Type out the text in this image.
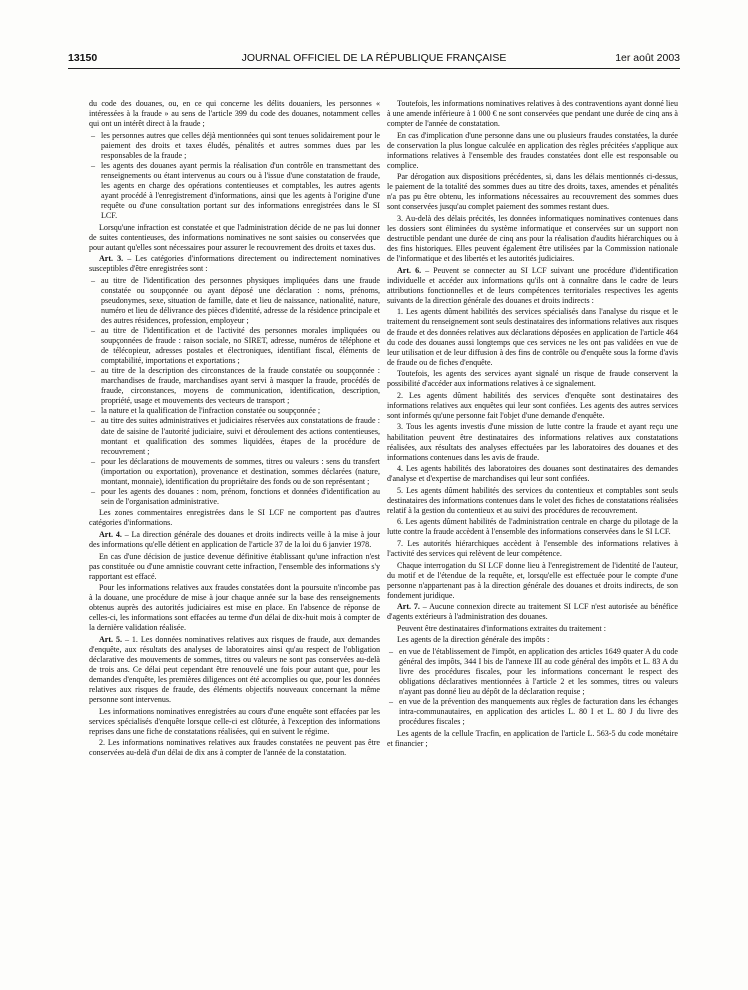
13150	JOURNAL OFFICIEL DE LA RÉPUBLIQUE FRANÇAISE	1er août 2003

du code des douanes, ou, en ce qui concerne les délits douaniers, les personnes « intéressées à la fraude » au sens de l'article 399 du code des douanes, notamment celles qui ont un intérêt direct à la fraude ;

– les personnes autres que celles déjà mentionnées qui sont tenues solidairement pour le paiement des droits et taxes éludés, pénalités et autres sommes dues par les responsables de la fraude ;
– les agents des douanes ayant permis la réalisation d'un contrôle en transmettant des renseignements ou étant intervenus au cours ou à l'issue d'une constatation de fraude, les agents en charge des opérations contentieuses et comptables, les autres agents ayant procédé à l'enregistrement d'informations, ainsi que les agents à l'origine d'une requête ou d'une consultation portant sur des informations enregistrées dans le SI LCF.

Lorsqu'une infraction est constatée et que l'administration décide de ne pas lui donner de suites contentieuses, des informations nominatives ne sont saisies ou conservées que pour autant qu'elles sont nécessaires pour assurer le recouvrement des droits et taxes dus.

Art. 3. – Les catégories d'informations directement ou indirectement nominatives susceptibles d'être enregistrées sont :

– au titre de l'identification des personnes physiques impliquées dans une fraude constatée ou soupçonnée ou ayant déposé une déclaration : noms, prénoms, pseudonymes, sexe, situation de famille, date et lieu de naissance, nationalité, nature, numéro et lieu de délivrance des pièces d'identité, adresse de la résidence principale et des autres résidences, profession, employeur ;
– au titre de l'identification et de l'activité des personnes morales impliquées ou soupçonnées de fraude : raison sociale, no SIRET, adresse, numéros de téléphone et de télécopieur, adresses postales et électroniques, identifiant fiscal, éléments de comptabilité, importations et exportations ;
– au titre de la description des circonstances de la fraude constatée ou soupçonnée : marchandises de fraude, marchandises ayant servi à masquer la fraude, procédés de fraude, circonstances, moyens de communication, identification, description, propriété, usage et mouvements des vecteurs de transport ;
– la nature et la qualification de l'infraction constatée ou soupçonnée ;
– au titre des suites administratives et judiciaires réservées aux constatations de fraude : date de saisine de l'autorité judiciaire, suivi et déroulement des actions contentieuses, montant et qualification des sommes liquidées, étapes de la procédure de recouvrement ;
– pour les déclarations de mouvements de sommes, titres ou valeurs : sens du transfert (importation ou exportation), provenance et destination, sommes déclarées (nature, montant, monnaie), identification du propriétaire des fonds ou de son représentant ;
– pour les agents des douanes : nom, prénom, fonctions et données d'identification au sein de l'organisation administrative.

Les zones commentaires enregistrées dans le SI LCF ne comportent pas d'autres catégories d'informations.

Art. 4. – La direction générale des douanes et droits indirects veille à la mise à jour des informations qu'elle détient en application de l'article 37 de la loi du 6 janvier 1978.

En cas d'une décision de justice devenue définitive établissant qu'une infraction n'est pas constituée ou d'une amnistie couvrant cette infraction, l'ensemble des informations s'y rapportant est effacé.

Pour les informations relatives aux fraudes constatées dont la poursuite n'incombe pas à la douane, une procédure de mise à jour chaque année sur la base des renseignements obtenus auprès des autorités judiciaires est mise en place. En l'absence de réponse de celles-ci, les informations sont effacées au terme d'un délai de dix-huit mois à compter de la dernière validation réalisée.

Art. 5. – 1. Les données nominatives relatives aux risques de fraude, aux demandes d'enquête, aux résultats des analyses de laboratoires ainsi qu'au respect de l'obligation déclarative des mouvements de sommes, titres ou valeurs ne sont pas conservées au-delà de trois ans. Ce délai peut cependant être renouvelé une fois pour autant que, pour les demandes d'enquête, les premières diligences ont été accomplies ou que, pour les données relatives aux risques de fraude, des éléments objectifs nouveaux concernant la même personne sont intervenus.

Les informations nominatives enregistrées au cours d'une enquête sont effacées par les services spécialisés d'enquête lorsque celle-ci est clôturée, à l'exception des informations reprises dans une fiche de constatations réalisées, qui en suivent le régime.

2. Les informations nominatives relatives aux fraudes constatées ne peuvent pas être conservées au-delà d'un délai de dix ans à compter de l'année de la constatation.

Toutefois, les informations nominatives relatives à des contraventions ayant donné lieu à une amende inférieure à 1 000 € ne sont conservées que pendant une durée de cinq ans à compter de l'année de constatation.

En cas d'implication d'une personne dans une ou plusieurs fraudes constatées, la durée de conservation la plus longue calculée en application des règles précitées s'applique aux informations relatives à l'ensemble des fraudes constatées dont elle est responsable ou complice.

Par dérogation aux dispositions précédentes, si, dans les délais mentionnés ci-dessus, le paiement de la totalité des sommes dues au titre des droits, taxes, amendes et pénalités n'a pas pu être obtenu, les informations nécessaires au recouvrement des sommes dues sont conservées jusqu'au complet paiement des sommes restant dues.

3. Au-delà des délais précités, les données informatiques nominatives contenues dans les dossiers sont éliminées du système informatique et conservées sur un support non destructible pendant une durée de cinq ans pour la réalisation d'audits hiérarchiques ou à des fins historiques. Elles peuvent également être utilisées par la Commission nationale de l'informatique et des libertés et les autorités judiciaires.

Art. 6. – Peuvent se connecter au SI LCF suivant une procédure d'identification individuelle et accéder aux informations qu'ils ont à connaître dans le cadre de leurs attributions fonctionnelles et de leurs compétences territoriales respectives les agents suivants de la direction générale des douanes et droits indirects :

1. Les agents dûment habilités des services spécialisés dans l'analyse du risque et le traitement du renseignement sont seuls destinataires des informations relatives aux risques de fraude et des données relatives aux déclarations déposées en application de l'article 464 du code des douanes aussi longtemps que ces services ne les ont pas validées en vue de leur utilisation et de leur diffusion à des fins de contrôle ou d'enquête sous la forme d'avis de fraude ou de fiches d'enquête.

Toutefois, les agents des services ayant signalé un risque de fraude conservent la possibilité d'accéder aux informations relatives à ce signalement.

2. Les agents dûment habilités des services d'enquête sont destinataires des informations relatives aux enquêtes qui leur sont confiées. Les agents des autres services sont informés qu'une personne fait l'objet d'une demande d'enquête.

3. Tous les agents investis d'une mission de lutte contre la fraude et ayant reçu une habilitation peuvent être destinataires des informations relatives aux constatations réalisées, aux résultats des analyses effectuées par les laboratoires des douanes et des informations contenues dans les avis de fraude.

4. Les agents habilités des laboratoires des douanes sont destinataires des demandes d'analyse et d'expertise de marchandises qui leur sont confiées.

5. Les agents dûment habilités des services du contentieux et comptables sont seuls destinataires des informations contenues dans le volet des fiches de constatations réalisées relatif à la gestion du contentieux et au suivi des procédures de recouvrement.

6. Les agents dûment habilités de l'administration centrale en charge du pilotage de la lutte contre la fraude accèdent à l'ensemble des informations conservées dans le SI LCF.

7. Les autorités hiérarchiques accèdent à l'ensemble des informations relatives à l'activité des services qui relèvent de leur compétence.

Chaque interrogation du SI LCF donne lieu à l'enregistrement de l'identité de l'auteur, du motif et de l'étendue de la requête, et, lorsqu'elle est effectuée pour le compte d'une personne n'appartenant pas à la direction générale des douanes et droits indirects, de son fondement juridique.

Art. 7. – Aucune connexion directe au traitement SI LCF n'est autorisée au bénéfice d'agents extérieurs à l'administration des douanes.

Peuvent être destinataires d'informations extraites du traitement :

Les agents de la direction générale des impôts :

– en vue de l'établissement de l'impôt, en application des articles 1649 quater A du code général des impôts, 344 I bis de l'annexe III au code général des impôts et L. 83 A du livre des procédures fiscales, pour les informations concernant le respect des obligations déclaratives mentionnées à l'article 2 et les sommes, titres ou valeurs n'ayant pas donné lieu au dépôt de la déclaration requise ;
– en vue de la prévention des manquements aux règles de facturation dans les échanges intra-communautaires, en application des articles L. 80 I et L. 80 J du livre des procédures fiscales ;

Les agents de la cellule Tracfin, en application de l'article L. 563-5 du code monétaire et financier ;
